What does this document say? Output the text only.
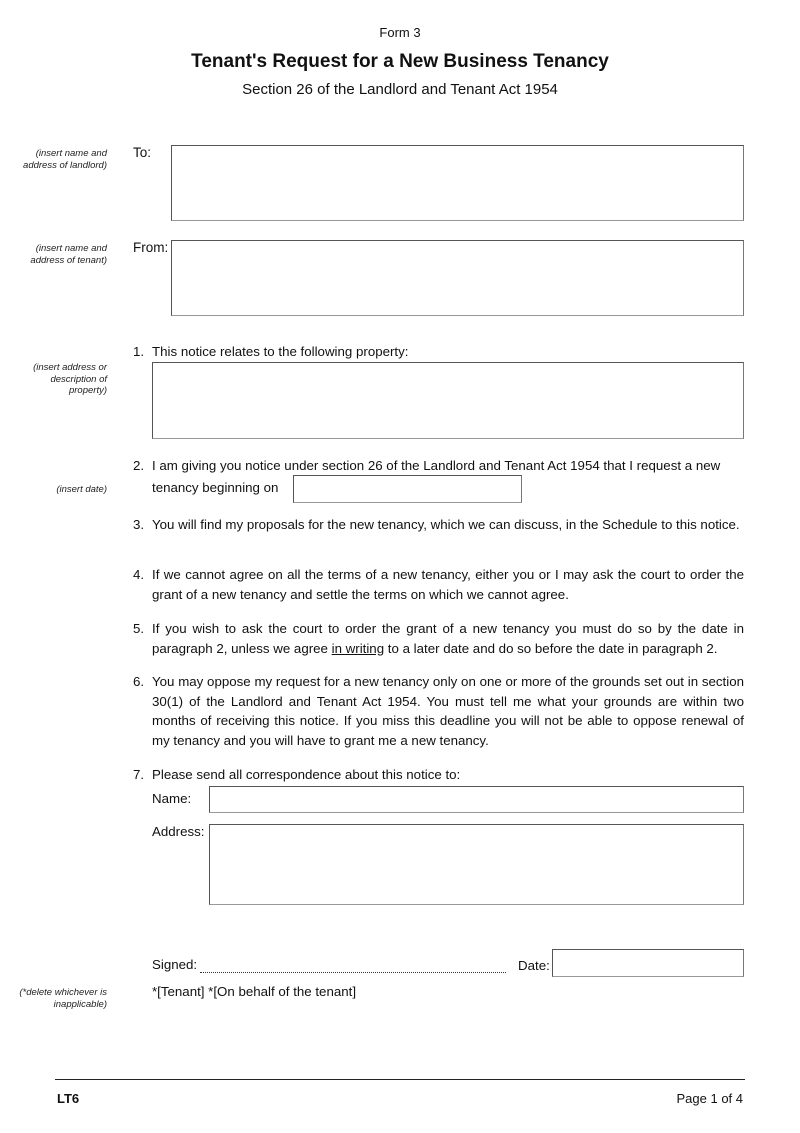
Form 3
Tenant's Request for a New Business Tenancy
Section 26 of the Landlord and Tenant Act 1954
(insert name and address of landlord)
To:
(insert name and address of tenant)
From:
1. This notice relates to the following property:
(insert address or description of property)
2. I am giving you notice under section 26 of the Landlord and Tenant Act 1954 that I request a new
tenancy beginning on
(insert date)
3. You will find my proposals for the new tenancy, which we can discuss, in the Schedule to this notice.
4. If we cannot agree on all the terms of a new tenancy, either you or I may ask the court to order the grant of a new tenancy and settle the terms on which we cannot agree.
5. If you wish to ask the court to order the grant of a new tenancy you must do so by the date in paragraph 2, unless we agree in writing to a later date and do so before the date in paragraph 2.
6. You may oppose my request for a new tenancy only on one or more of the grounds set out in section 30(1) of the Landlord and Tenant Act 1954. You must tell me what your grounds are within two months of receiving this notice. If you miss this deadline you will not be able to oppose renewal of my tenancy and you will have to grant me a new tenancy.
7. Please send all correspondence about this notice to:
Name:
Address:
Signed:	Date:
*[Tenant] *[On behalf of the tenant]
(*delete whichever is inapplicable)
LT6	Page 1 of 4
